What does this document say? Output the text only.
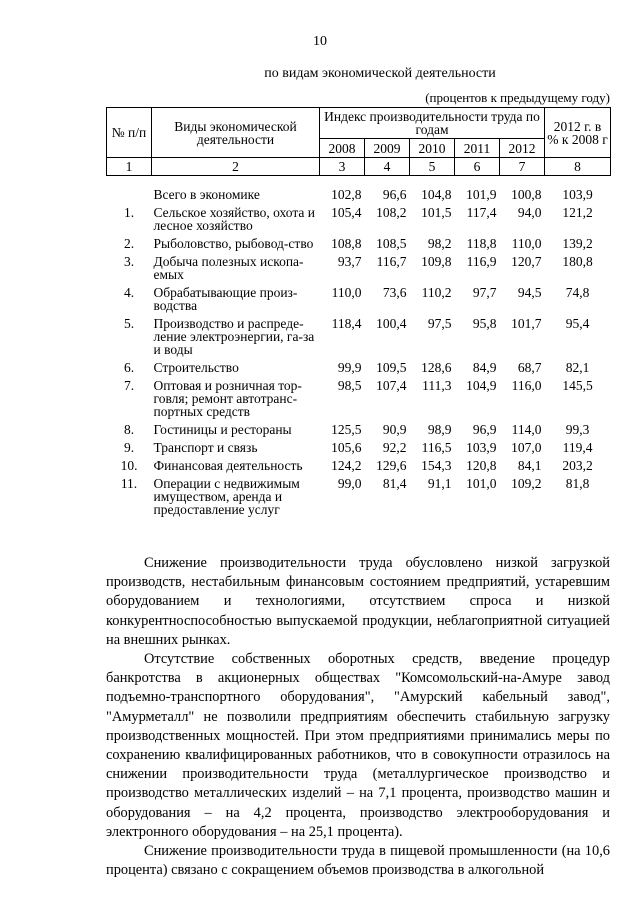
10
по видам экономической деятельности
(процентов к предыдущему году)
№ п/п	Виды экономической деятельности	Индекс производительности труда по годам					2012 г. в % к 2008 г
		2008	2009	2010	2011	2012	
1	2	3	4	5	6	7	8
	Всего в экономике	102,8	96,6	104,8	101,9	100,8	103,9
1.	Сельское хозяйство, охота и лесное хозяйство	105,4	108,2	101,5	117,4	94,0	121,2
2.	Рыболовство, рыбовод-ство	108,8	108,5	98,2	118,8	110,0	139,2
3.	Добыча полезных ископа-емых	93,7	116,7	109,8	116,9	120,7	180,8
4.	Обрабатывающие произ-водства	110,0	73,6	110,2	97,7	94,5	74,8
5.	Производство и распреде-ление электроэнергии, га-за и воды	118,4	100,4	97,5	95,8	101,7	95,4
6.	Строительство	99,9	109,5	128,6	84,9	68,7	82,1
7.	Оптовая и розничная тор-говля; ремонт автотранс-портных средств	98,5	107,4	111,3	104,9	116,0	145,5
8.	Гостиницы и рестораны	125,5	90,9	98,9	96,9	114,0	99,3
9.	Транспорт и связь	105,6	92,2	116,5	103,9	107,0	119,4
10.	Финансовая деятельность	124,2	129,6	154,3	120,8	84,1	203,2
11.	Операции с недвижимым имуществом, аренда и предоставление услуг	99,0	81,4	91,1	101,0	109,2	81,8

Снижение производительности труда обусловлено низкой загрузкой производств, нестабильным финансовым состоянием предприятий, устаревшим оборудованием и технологиями, отсутствием спроса и низкой конкурентноспособностью выпускаемой продукции, неблагоприятной ситуацией на внешних рынках.

Отсутствие собственных оборотных средств, введение процедур банкротства в акционерных обществах "Комсомольский-на-Амуре завод подъемно-транспортного оборудования", "Амурский кабельный завод", "Амурметалл" не позволили предприятиям обеспечить стабильную загрузку производственных мощностей. При этом предприятиями принимались меры по сохранению квалифицированных работников, что в совокупности отразилось на снижении производительности труда (металлургическое производство и производство металлических изделий – на 7,1 процента, производство машин и оборудования – на 4,2 процента, производство электрооборудования и электронного оборудования – на 25,1 процента).

Снижение производительности труда в пищевой промышленности (на 10,6 процента) связано с сокращением объемов производства в алкогольной
